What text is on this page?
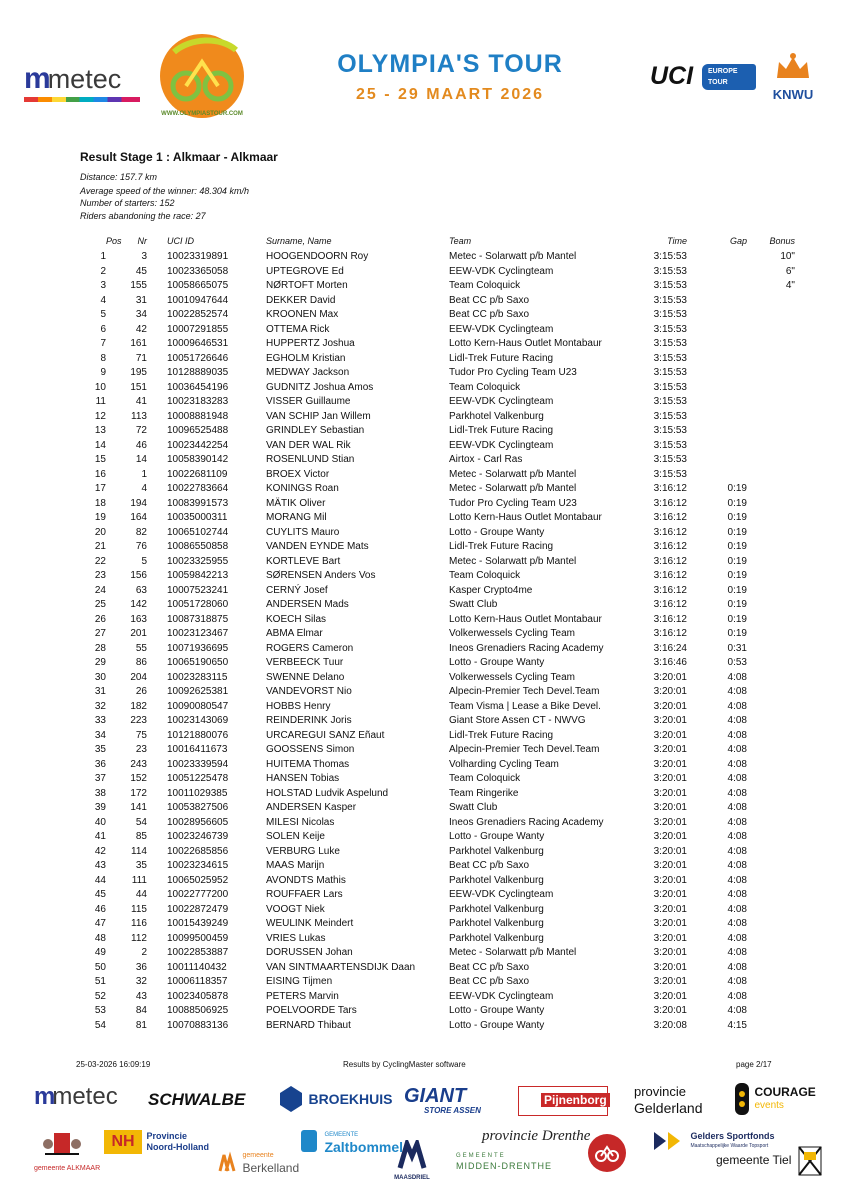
mmetec
WWW.OLYMPIASTOUR.COM
OLYMPIA'S TOUR
25 - 29 MAART 2026
UCI EUROPE
TOUR
KNWU
Result Stage 1 : Alkmaar - Alkmaar
Distance: 157.7 km
Average speed of the winner: 48.304 km/h
Number of starters: 152
Riders abandoning the race: 27
Pos	Nr UCI ID	Surname, Name	Team	Time	Gap	Bonus
1	3 10023319891	HOOGENDOORN Roy	Metec - Solarwatt p/b Mantel	3:15:53	10"
2	45 10023365058	UPTEGROVE Ed	EEW-VDK Cyclingteam	3:15:53	6"
3	155 10058665075	NØRTOFT Morten	Team Coloquick	3:15:53	4"
4	31 10010947644	DEKKER David	Beat CC p/b Saxo	3:15:53
5	34 10022852574	KROONEN Max	Beat CC p/b Saxo	3:15:53
6	42 10007291855	OTTEMA Rick	EEW-VDK Cyclingteam	3:15:53
7	161 10009646531	HUPPERTZ Joshua	Lotto Kern-Haus Outlet Montabaur	3:15:53
8	71 10051726646	EGHOLM Kristian	Lidl-Trek Future Racing	3:15:53
9	195 10128889035	MEDWAY Jackson	Tudor Pro Cycling Team U23	3:15:53
10	151 10036454196	GUDNITZ Joshua Amos	Team Coloquick	3:15:53
11	41 10023183283	VISSER Guillaume	EEW-VDK Cyclingteam	3:15:53
12	113 10008881948	VAN SCHIP Jan Willem	Parkhotel Valkenburg	3:15:53
13	72 10096525488	GRINDLEY Sebastian	Lidl-Trek Future Racing	3:15:53
14	46 10023442254	VAN DER WAL Rik	EEW-VDK Cyclingteam	3:15:53
15	14 10058390142	ROSENLUND Stian	Airtox - Carl Ras	3:15:53
16	1 10022681109	BROEX Victor	Metec - Solarwatt p/b Mantel	3:15:53
17	4 10022783664	KONINGS Roan	Metec - Solarwatt p/b Mantel	3:16:12	0:19
18	194 10083991573	MÄTIK Oliver	Tudor Pro Cycling Team U23	3:16:12	0:19
19	164 10035000311	MORANG Mil	Lotto Kern-Haus Outlet Montabaur	3:16:12	0:19
20	82 10065102744	CUYLITS Mauro	Lotto - Groupe Wanty	3:16:12	0:19
21	76 10086550858	VANDEN EYNDE Mats	Lidl-Trek Future Racing	3:16:12	0:19
22	5 10023325955	KORTLEVE Bart	Metec - Solarwatt p/b Mantel	3:16:12	0:19
23	156 10059842213	SØRENSEN Anders Vos	Team Coloquick	3:16:12	0:19
24	63 10007523241	CERNÝ Josef	Kasper Crypto4me	3:16:12	0:19
25	142 10051728060	ANDERSEN Mads	Swatt Club	3:16:12	0:19
26	163 10087318875	KOECH Silas	Lotto Kern-Haus Outlet Montabaur	3:16:12	0:19
27	201 10023123467	ABMA Elmar	Volkerwessels Cycling Team	3:16:12	0:19
28	55 10071936695	ROGERS Cameron	Ineos Grenadiers Racing Academy	3:16:24	0:31
29	86 10065190650	VERBEECK Tuur	Lotto - Groupe Wanty	3:16:46	0:53
30	204 10023283115	SWENNE Delano	Volkerwessels Cycling Team	3:20:01	4:08
31	26 10092625381	VANDEVORST Nio	Alpecin-Premier Tech Devel.Team	3:20:01	4:08
32	182 10090080547	HOBBS Henry	Team Visma | Lease a Bike Devel.	3:20:01	4:08
33	223 10023143069	REINDERINK Joris	Giant Store Assen CT - NWVG	3:20:01	4:08
34	75 10121880076	URCAREGUI SANZ Eñaut	Lidl-Trek Future Racing	3:20:01	4:08
35	23 10016411673	GOOSSENS Simon	Alpecin-Premier Tech Devel.Team	3:20:01	4:08
36	243 10023339594	HUITEMA Thomas	Volharding Cycling Team	3:20:01	4:08
37	152 10051225478	HANSEN Tobias	Team Coloquick	3:20:01	4:08
38	172 10011029385	HOLSTAD Ludvik Aspelund	Team Ringerike	3:20:01	4:08
39	141 10053827506	ANDERSEN Kasper	Swatt Club	3:20:01	4:08
40	54 10028956605	MILESI Nicolas	Ineos Grenadiers Racing Academy	3:20:01	4:08
41	85 10023246739	SOLEN Keije	Lotto - Groupe Wanty	3:20:01	4:08
42	114 10022685856	VERBURG Luke	Parkhotel Valkenburg	3:20:01	4:08
43	35 10023234615	MAAS Marijn	Beat CC p/b Saxo	3:20:01	4:08
44	111 10065025952	AVONDTS Mathis	Parkhotel Valkenburg	3:20:01	4:08
45	44 10022777200	ROUFFAER Lars	EEW-VDK Cyclingteam	3:20:01	4:08
46	115 10022872479	VOOGT Niek	Parkhotel Valkenburg	3:20:01	4:08
47	116 10015439249	WEULINK Meindert	Parkhotel Valkenburg	3:20:01	4:08
48	112 10099500459	VRIES Lukas	Parkhotel Valkenburg	3:20:01	4:08
49	2 10022853887	DORUSSEN Johan	Metec - Solarwatt p/b Mantel	3:20:01	4:08
50	36 10011140432	VAN SINTMAARTENSDIJK Daan	Beat CC p/b Saxo	3:20:01	4:08
51	32 10006118357	EISING Tijmen	Beat CC p/b Saxo	3:20:01	4:08
52	43 10023405878	PETERS Marvin	EEW-VDK Cyclingteam	3:20:01	4:08
53	84 10088506925	POELVOORDE Tars	Lotto - Groupe Wanty	3:20:01	4:08
54	81 10070883136	BERNARD Thibaut	Lotto - Groupe Wanty	3:20:08	4:15
25-03-2026 16:09:19	Results by CyclingMaster software	page 2/17
mmetec SCHWALBE	BROEKHUIS GIANT
STORE ASSEN
Pijnenborg
provincie
Gelderland

COURAGE
events
gemeente ALKMAAR
NH Provincie
Noord-Holland

GEMEENTE
Zaltbommel

gemeente
Berkelland
MAASDRIEL
provincie Drenthe
GEMEENTE
MIDDEN-DRENTHE

Gelders Sportfonds
Maatschappelijke Waarde Topsport
gemeente Tiel
